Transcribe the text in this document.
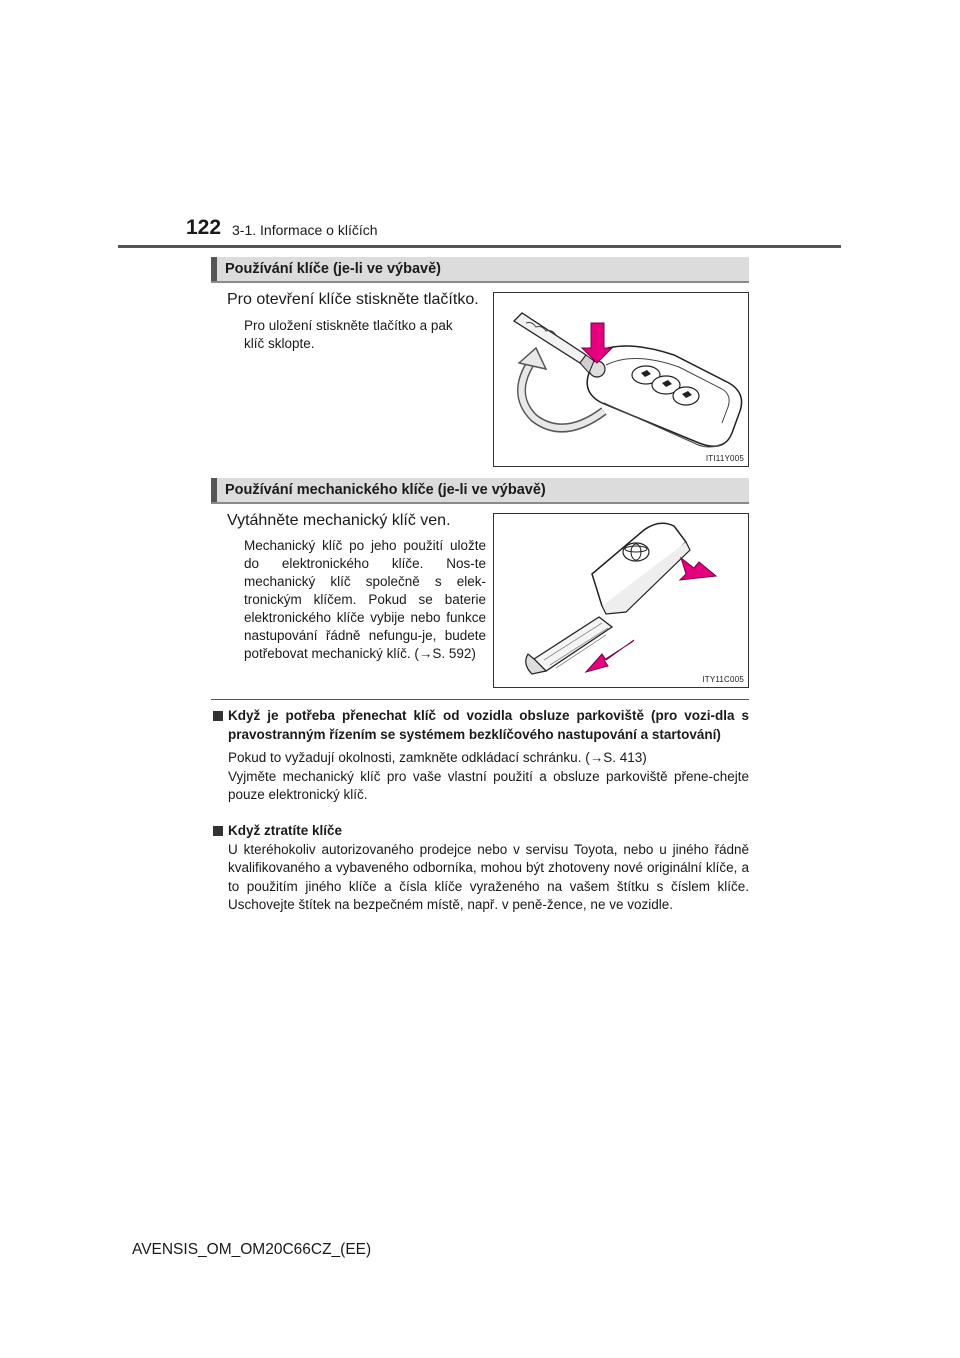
122 3-1. Informace o klíčích
Používání klíče (je-li ve výbavě)
Pro otevření klíče stiskněte tlačítko.
Pro uložení stiskněte tlačítko a pak
klíč sklopte.
ITI11Y005
Používání mechanického klíče (je-li ve výbavě)
Vytáhněte mechanický klíč ven.
Mechanický klíč po jeho použití uložte do elektronického klíče. Nos-te mechanický klíč společně s elek-tronickým klíčem. Pokud se baterie elektronického klíče vybije nebo funkce nastupování řádně nefungu-je, budete potřebovat mechanický klíč. (→S. 592)
ITY11C005
Když je potřeba přenechat klíč od vozidla obsluze parkoviště (pro vozi-dla s pravostranným řízením se systémem bezklíčového nastupování a startování)
Pokud to vyžadují okolnosti, zamkněte odkládací schránku. (→S. 413)
Vyjměte mechanický klíč pro vaše vlastní použití a obsluze parkoviště přene-chejte pouze elektronický klíč.
Když ztratíte klíče
U kteréhokoliv autorizovaného prodejce nebo v servisu Toyota, nebo u jiného řádně kvalifikovaného a vybaveného odborníka, mohou být zhotoveny nové originální klíče, a to použitím jiného klíče a čísla klíče vyraženého na vašem štítku s číslem klíče. Uschovejte štítek na bezpečném místě, např. v peně-žence, ne ve vozidle.
AVENSIS_OM_OM20C66CZ_(EE)
